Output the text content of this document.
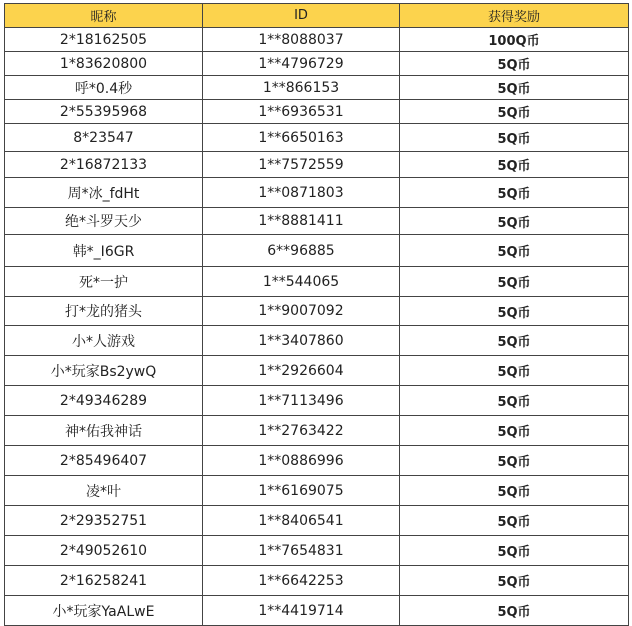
昵称	ID	获得奖励
2*18162505	1**8088037	100Q币
1*83620800	1**4796729	5Q币
呼*0.4秒	1**866153	5Q币
2*55395968	1**6936531	5Q币
8*23547	1**6650163	5Q币
2*16872133	1**7572559	5Q币
周*冰_fdHt	1**0871803	5Q币
绝*斗罗天少	1**8881411	5Q币
韩*_I6GR	6**96885	5Q币
死*一护	1**544065	5Q币
打*龙的猪头	1**9007092	5Q币
小*人游戏	1**3407860	5Q币
小*玩家Bs2ywQ	1**2926604	5Q币
2*49346289	1**7113496	5Q币
神*佑我神话	1**2763422	5Q币
2*85496407	1**0886996	5Q币
凌*叶	1**6169075	5Q币
2*29352751	1**8406541	5Q币
2*49052610	1**7654831	5Q币
2*16258241	1**6642253	5Q币
小*玩家YaALwE	1**4419714	5Q币
